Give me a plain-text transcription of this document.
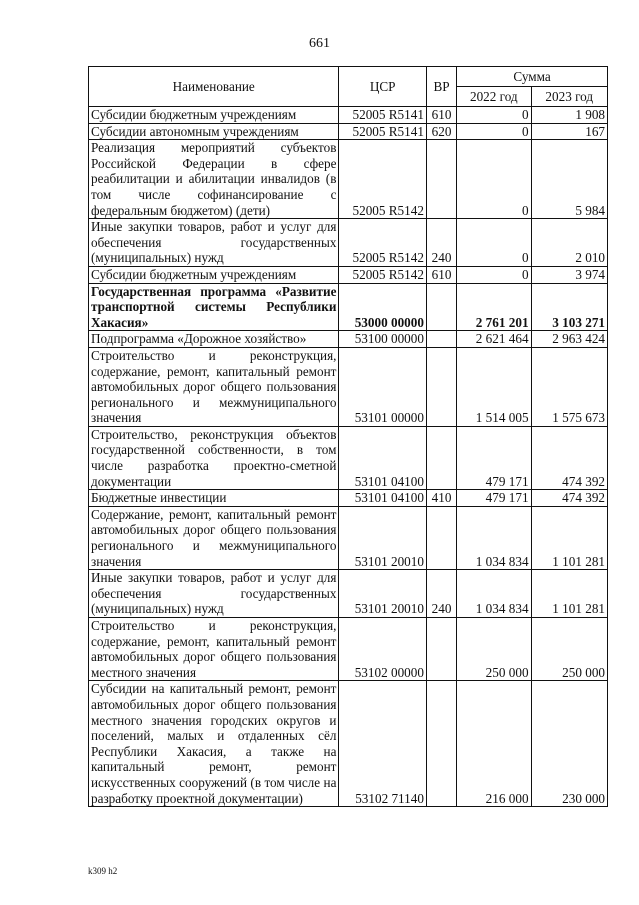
661
Наименование	ЦСР	ВР	Сумма	
			2022 год	2023 год
Субсидии бюджетным учреждениям	52005 R5141	610	0	1 908
Субсидии автономным учреждениям	52005 R5141	620	0	167
Реализация мероприятий субъектов Российской Федерации в сфере реабилитации и абилитации инвалидов (в том числе софинансирование с федеральным бюджетом) (дети)	52005 R5142		0	5 984
Иные закупки товаров, работ и услуг для обеспечения государственных (муниципальных) нужд	52005 R5142	240	0	2 010
Субсидии бюджетным учреждениям	52005 R5142	610	0	3 974
Государственная программа «Развитие транспортной системы Республики Хакасия»	53000 00000		2 761 201	3 103 271
Подпрограмма «Дорожное хозяйство»	53100 00000		2 621 464	2 963 424
Строительство и реконструкция, содержание, ремонт, капитальный ремонт автомобильных дорог общего пользования регионального и межмуниципального значения	53101 00000		1 514 005	1 575 673
Строительство, реконструкция объектов государственной собственности, в том числе разработка проектно-сметной документации	53101 04100		479 171	474 392
Бюджетные инвестиции	53101 04100	410	479 171	474 392
Содержание, ремонт, капитальный ремонт автомобильных дорог общего пользования регионального и межмуниципального значения	53101 20010		1 034 834	1 101 281
Иные закупки товаров, работ и услуг для обеспечения государственных (муниципальных) нужд	53101 20010	240	1 034 834	1 101 281
Строительство и реконструкция, содержание, ремонт, капитальный ремонт автомобильных дорог общего пользования местного значения	53102 00000		250 000	250 000
Субсидии на капитальный ремонт, ремонт автомобильных дорог общего пользования местного значения городских округов и поселений, малых и отдаленных сёл Республики Хакасия, а также на капитальный ремонт, ремонт искусственных сооружений (в том числе на разработку проектной документации)	53102 71140		216 000	230 000
k309 h2
